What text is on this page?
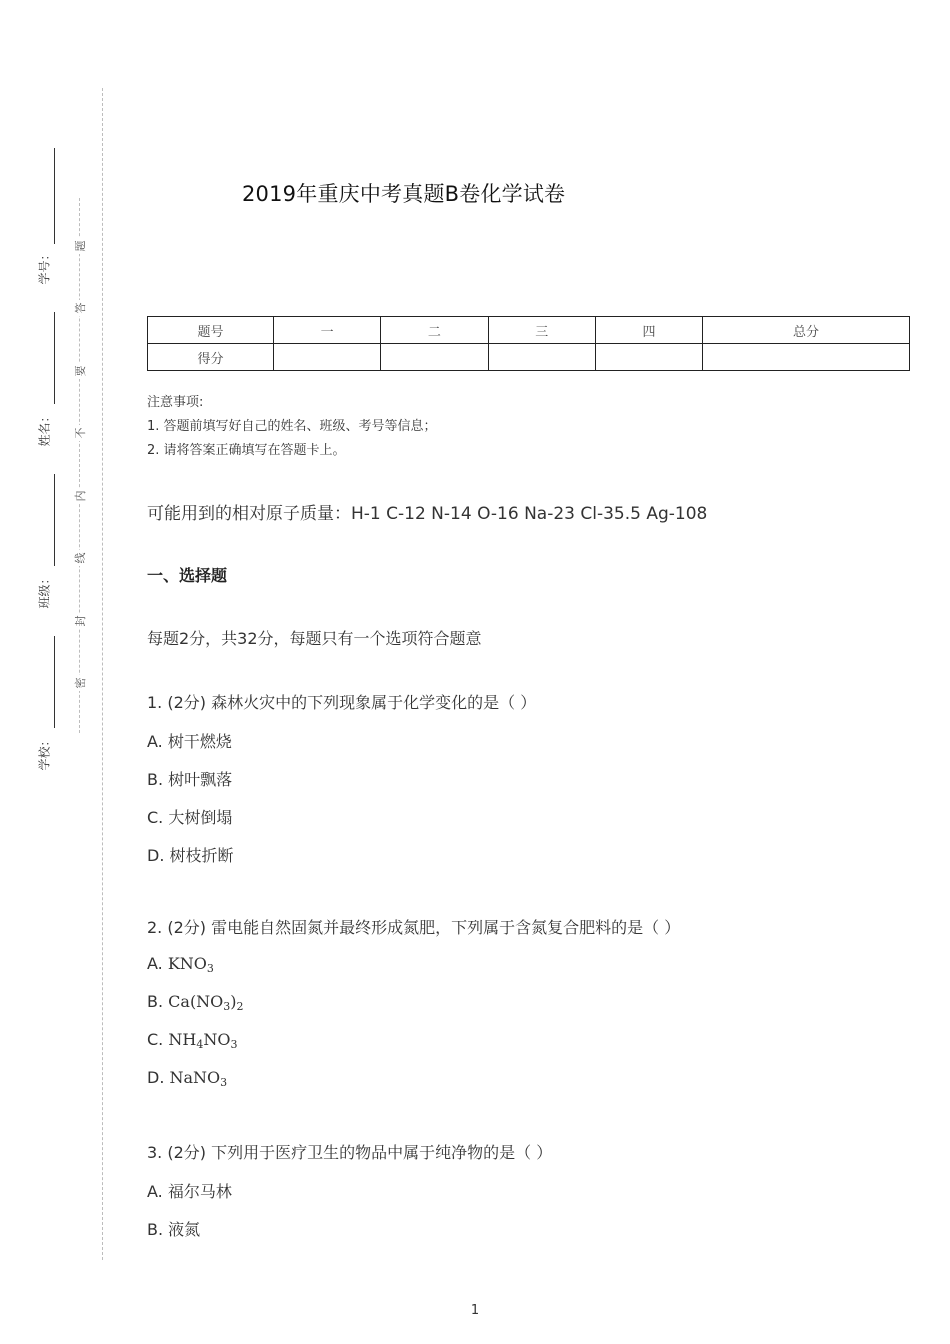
题
答
要
不
内
线
封
密
学号：
姓名：
班级：
学校：
2019年重庆中考真题B卷化学试卷
题号	一	二	三	四	总分
得分					
注意事项:
1. 答题前填写好自己的姓名、班级、考号等信息；
2. 请将答案正确填写在答题卡上。
可能用到的相对原子质量：H-1 C-12 N-14 O-16 Na-23 Cl-35.5 Ag-108
一、选择题
每题2分，共32分，每题只有一个选项符合题意
1. (2分) 森林火灾中的下列现象属于化学变化的是（ ）
A. 树干燃烧
B. 树叶飘落
C. 大树倒塌
D. 树枝折断
2. (2分) 雷电能自然固氮并最终形成氮肥，下列属于含氮复合肥料的是（ ）
A. $KNO_3$
B. $Ca(NO_3)_2$
C. $NH_4NO_3$
D. NaNO$_3$
3. (2分) 下列用于医疗卫生的物品中属于纯净物的是（ ）
A. 福尔马林
B. 液氮
1
